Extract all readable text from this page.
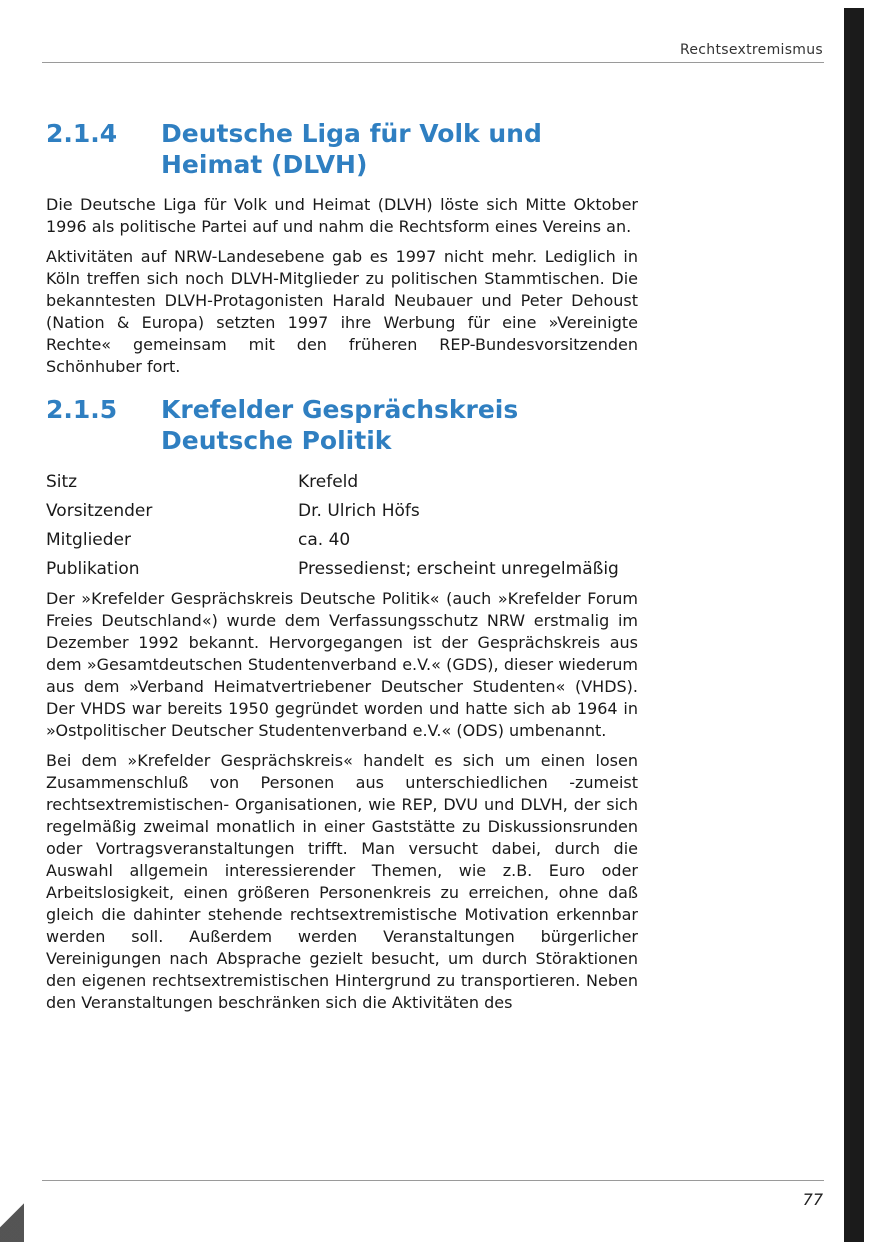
Rechtsextremismus
2.1.4	Deutsche Liga für Volk und Heimat (DLVH)

Die Deutsche Liga für Volk und Heimat (DLVH) löste sich Mitte Oktober 1996 als politische Partei auf und nahm die Rechtsform eines Vereins an.

Aktivitäten auf NRW-Landesebene gab es 1997 nicht mehr. Lediglich in Köln treffen sich noch DLVH-Mitglieder zu politischen Stammtischen. Die bekanntesten DLVH-Protagonisten Harald Neubauer und Peter Dehoust (Nation & Europa) setzten 1997 ihre Werbung für eine »Vereinigte Rechte« gemeinsam mit den früheren REP-Bundesvorsitzenden Schönhuber fort.

2.1.5	Krefelder Gesprächskreis Deutsche Politik
Sitz	Krefeld
Vorsitzender	Dr. Ulrich Höfs
Mitglieder	ca. 40
Publikation	Pressedienst; erscheint unregelmäßig

Der »Krefelder Gesprächskreis Deutsche Politik« (auch »Krefelder Forum Freies Deutschland«) wurde dem Verfassungsschutz NRW erstmalig im Dezember 1992 bekannt. Hervorgegangen ist der Gesprächskreis aus dem »Gesamtdeutschen Studentenverband e.V.« (GDS), dieser wiederum aus dem »Verband Heimatvertriebener Deutscher Studenten« (VHDS). Der VHDS war bereits 1950 gegründet worden und hatte sich ab 1964 in »Ostpolitischer Deutscher Studentenverband e.V.« (ODS) umbenannt.

Bei dem »Krefelder Gesprächskreis« handelt es sich um einen losen Zusammenschluß von Personen aus unterschiedlichen -zumeist rechtsextremistischen- Organisationen, wie REP, DVU und DLVH, der sich regelmäßig zweimal monatlich in einer Gaststätte zu Diskussionsrunden oder Vortragsveranstaltungen trifft. Man versucht dabei, durch die Auswahl allgemein interessierender Themen, wie z.B. Euro oder Arbeitslosigkeit, einen größeren Personenkreis zu erreichen, ohne daß gleich die dahinter stehende rechtsextremistische Motivation erkennbar werden soll. Außerdem werden Veranstaltungen bürgerlicher Vereinigungen nach Absprache gezielt besucht, um durch Störaktionen den eigenen rechtsextremistischen Hintergrund zu transportieren. Neben den Veranstaltungen beschränken sich die Aktivitäten des

77
